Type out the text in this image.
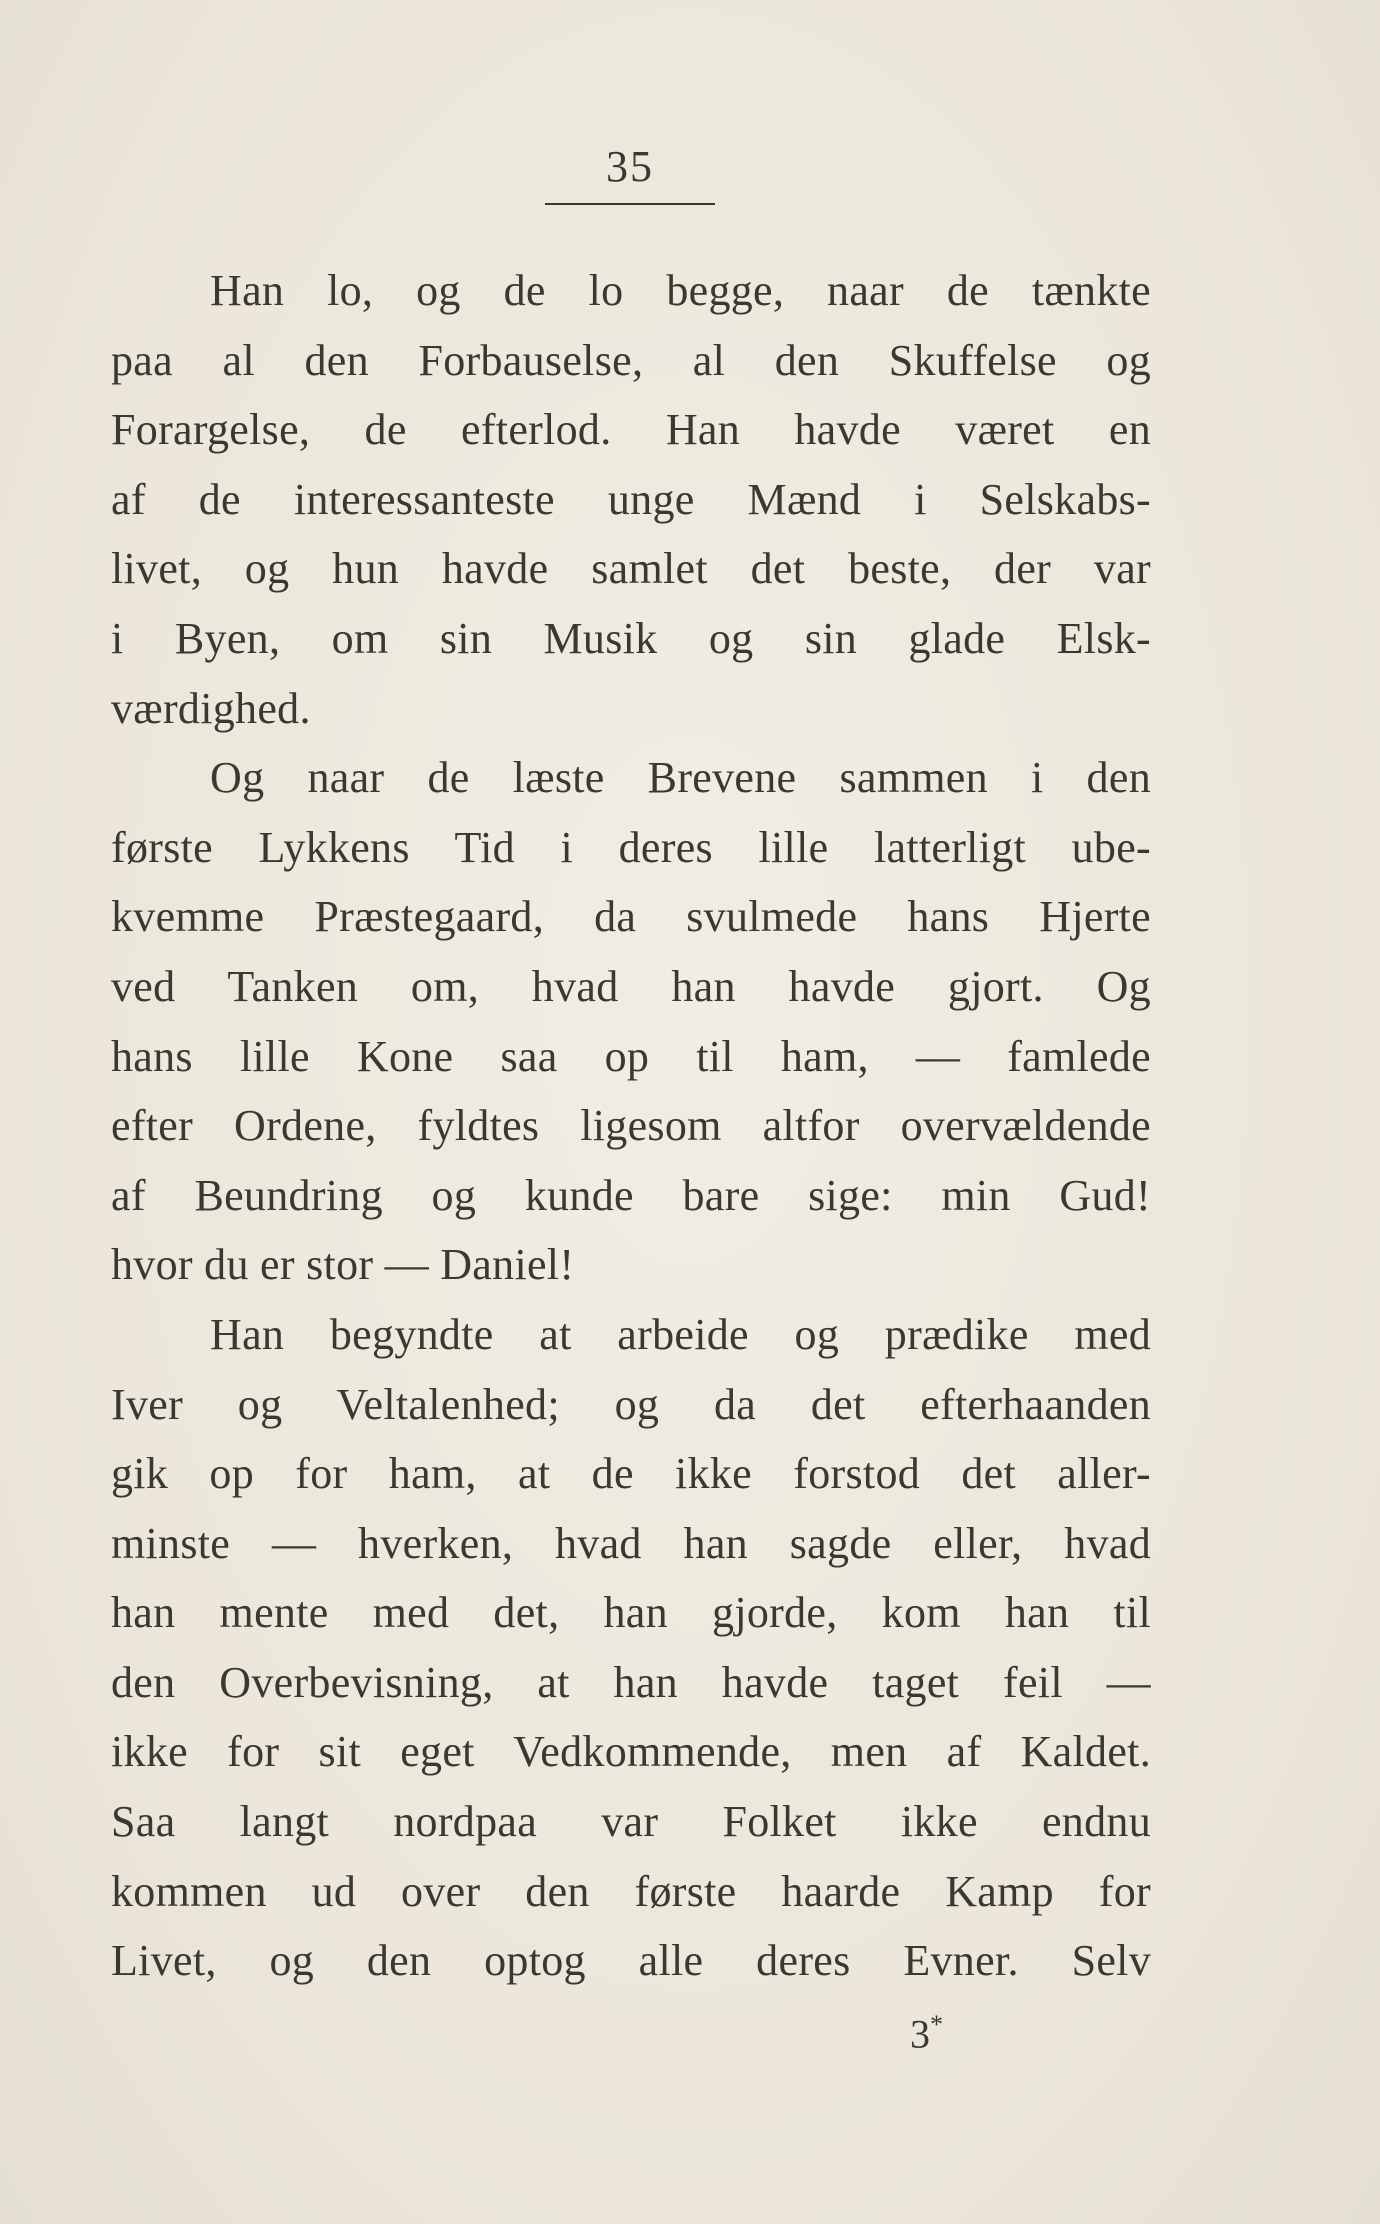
35
Han lo, og de lo begge, naar de tænkte
paa al den Forbauselse, al den Skuffelse og
Forargelse, de efterlod. Han havde været en
af de interessanteste unge Mænd i Selskabs-
livet, og hun havde samlet det beste, der var
i Byen, om sin Musik og sin glade Elsk-
værdighed.
Og naar de læste Brevene sammen i den
første Lykkens Tid i deres lille latterligt ube-
kvemme Præstegaard, da svulmede hans Hjerte
ved Tanken om, hvad han havde gjort. Og
hans lille Kone saa op til ham, — famlede
efter Ordene, fyldtes ligesom altfor overvældende
af Beundring og kunde bare sige: min Gud!
hvor du er stor — Daniel!
Han begyndte at arbeide og prædike med
Iver og Veltalenhed; og da det efterhaanden
gik op for ham, at de ikke forstod det aller-
minste — hverken, hvad han sagde eller, hvad
han mente med det, han gjorde, kom han til
den Overbevisning, at han havde taget feil —
ikke for sit eget Vedkommende, men af Kaldet.
Saa langt nordpaa var Folket ikke endnu
kommen ud over den første haarde Kamp for
Livet, og den optog alle deres Evner. Selv
3*
